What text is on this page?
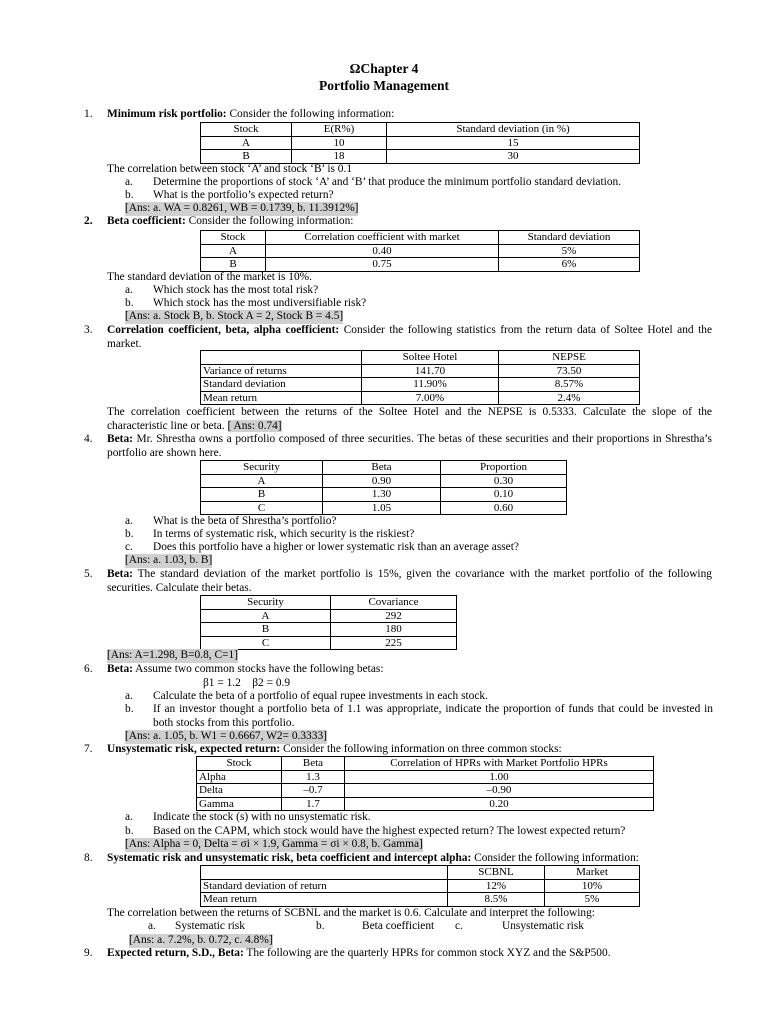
ΩChapter 4
Portfolio Management
1. Minimum risk portfolio: Consider the following information:
Stock	E(R%)	Standard deviation (in %)
A	10	15
B	18	30
The correlation between stock ‘A’ and stock ‘B’ is 0.1
a. Determine the proportions of stock ‘A’ and ‘B’ that produce the minimum portfolio standard deviation.
b. What is the portfolio’s expected return?
[Ans: a. WA = 0.8261, WB = 0.1739, b. 11.3912%]
2. Beta coefficient: Consider the following information:
Stock	Correlation coefficient with market	Standard deviation
A	0.40	5%
B	0.75	6%
The standard deviation of the market is 10%.
a. Which stock has the most total risk?
b. Which stock has the most undiversifiable risk?
[Ans: a. Stock B, b. Stock A = 2, Stock B = 4.5]
3. Correlation coefficient, beta, alpha coefficient: Consider the following statistics from the return data of Soltee Hotel and the market.
	Soltee Hotel	NEPSE
Variance of returns	141.70	73.50
Standard deviation	11.90%	8.57%
Mean return	7.00%	2.4%
The correlation coefficient between the returns of the Soltee Hotel and the NEPSE is 0.5333. Calculate the slope of the characteristic line or beta. [ Ans: 0.74]
4. Beta: Mr. Shrestha owns a portfolio composed of three securities. The betas of these securities and their proportions in Shrestha’s portfolio are shown here.
Security	Beta	Proportion
A	0.90	0.30
B	1.30	0.10
C	1.05	0.60
a. What is the beta of Shrestha’s portfolio?
b. In terms of systematic risk, which security is the riskiest?
c. Does this portfolio have a higher or lower systematic risk than an average asset?
[Ans: a. 1.03, b. B]
5. Beta: The standard deviation of the market portfolio is 15%, given the covariance with the market portfolio of the following securities. Calculate their betas.
Security	Covariance
A	292
B	180
C	225
[Ans: A=1.298, B=0.8, C=1]
6. Beta: Assume two common stocks have the following betas:
β1 = 1.2    β2 = 0.9
a. Calculate the beta of a portfolio of equal rupee investments in each stock.
b. If an investor thought a portfolio beta of 1.1 was appropriate, indicate the proportion of funds that could be invested in both stocks from this portfolio.
[Ans: a. 1.05, b. W1 = 0.6667, W2= 0.3333]
7. Unsystematic risk, expected return: Consider the following information on three common stocks:
Stock	Beta	Correlation of HPRs with Market Portfolio HPRs
Alpha	1.3	1.00
Delta	–0.7	–0.90
Gamma	1.7	0.20
a. Indicate the stock (s) with no unsystematic risk.
b. Based on the CAPM, which stock would have the highest expected return? The lowest expected return?
[Ans: Alpha = 0, Delta = σi × 1.9, Gamma = σi × 0.8, b. Gamma]
8. Systematic risk and unsystematic risk, beta coefficient and intercept alpha: Consider the following information:
	SCBNL	Market
Standard deviation of return	12%	10%
Mean return	8.5%	5%
The correlation between the returns of SCBNL and the market is 0.6. Calculate and interpret the following:
a. Systematic risk	b.	Beta coefficient c.	Unsystematic risk
[Ans: a. 7.2%, b. 0.72, c. 4.8%]
9. Expected return, S.D., Beta: The following are the quarterly HPRs for common stock XYZ and the S&P500.
